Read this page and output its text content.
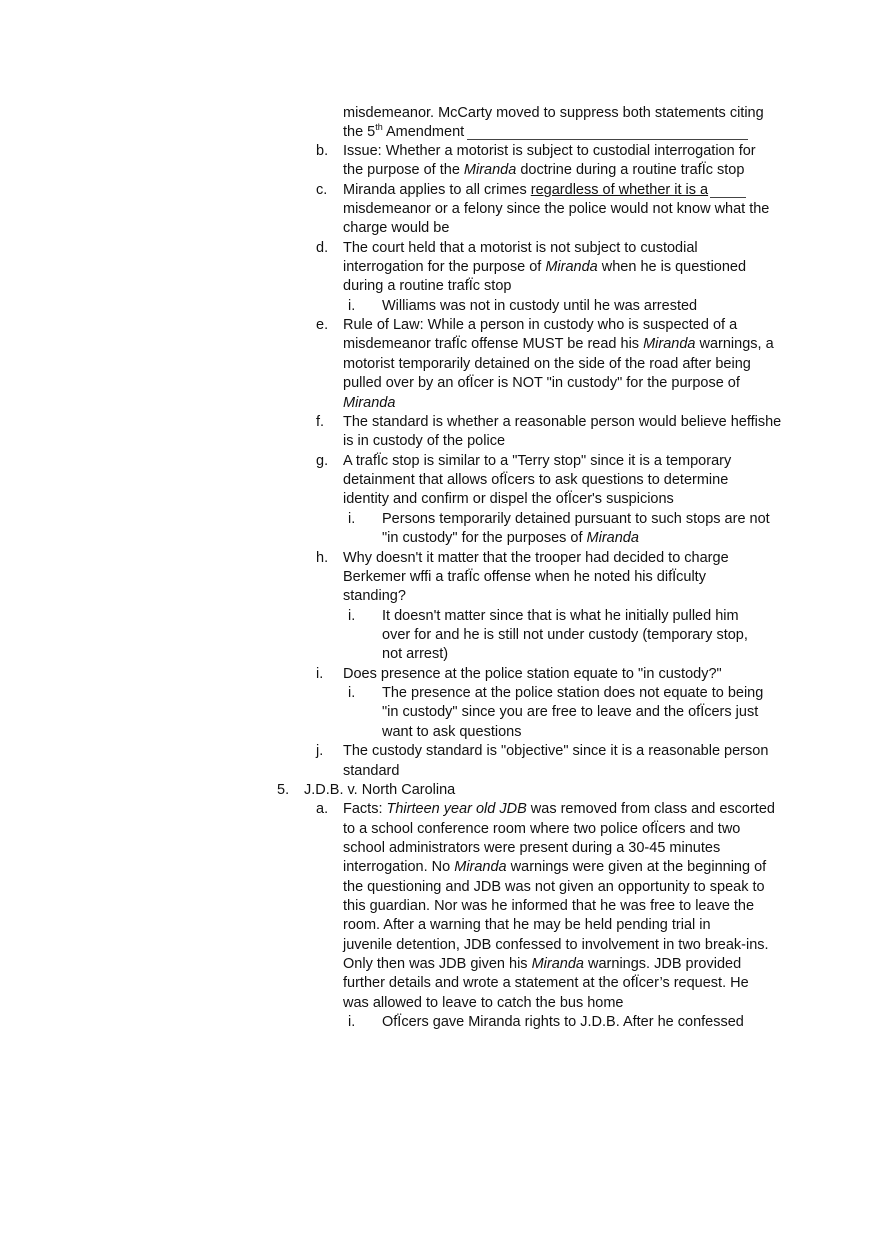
misdemeanor. McCarty moved to suppress both statements citing
the 5th Amendment
b. Issue: Whether a motorist is subject to custodial interrogation for
the purpose of the Miranda doctrine during a routine trafÏc stop
c. Miranda applies to all crimes regardless of whether it is a
misdemeanor or a felony since the police would not know what the
charge would be
d. The court held that a motorist is not subject to custodial
interrogation for the purpose of Miranda when he is questioned
during a routine trafÏc stop
i. Williams was not in custody until he was arrested
e. Rule of Law: While a person in custody who is suspected of a
misdemeanor trafÏc offense MUST be read his Miranda warnings, a
motorist temporarily detained on the side of the road after being
pulled over by an ofÏcer is NOT "in custody" for the purpose of
Miranda
f. The standard is whether a reasonable person would believe heffishe
is in custody of the police
g. A trafÏc stop is similar to a "Terry stop" since it is a temporary
detainment that allows ofÏcers to ask questions to determine
identity and confirm or dispel the ofÏcer's suspicions
i. Persons temporarily detained pursuant to such stops are not
"in custody" for the purposes of Miranda
h. Why doesn't it matter that the trooper had decided to charge
Berkemer wffi a trafÏc offense when he noted his difÏculty
standing?
i. It doesn't matter since that is what he initially pulled him
over for and he is still not under custody (temporary stop,
not arrest)
i. Does presence at the police station equate to "in custody?"
i. The presence at the police station does not equate to being
"in custody" since you are free to leave and the ofÏcers just
want to ask questions
j. The custody standard is "objective" since it is a reasonable person
standard
5. J.D.B. v. North Carolina
a. Facts: Thirteen year old JDB was removed from class and escorted
to a school conference room where two police ofÏcers and two
school administrators were present during a 30-45 minutes
interrogation. No Miranda warnings were given at the beginning of
the questioning and JDB was not given an opportunity to speak to
this guardian. Nor was he informed that he was free to leave the
room. After a warning that he may be held pending trial in
juvenile detention, JDB confessed to involvement in two break-ins.
Only then was JDB given his Miranda warnings. JDB provided
further details and wrote a statement at the ofÏcer’s request. He
was allowed to leave to catch the bus home
i. OfÏcers gave Miranda rights to J.D.B. After he confessed
